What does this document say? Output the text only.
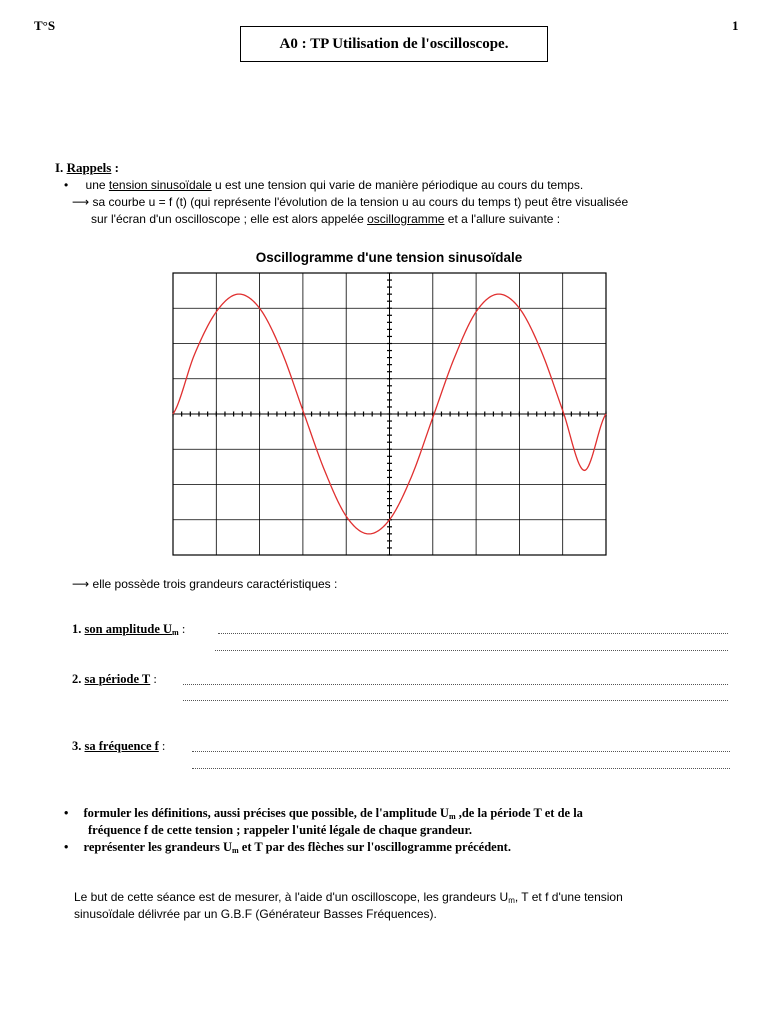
T°S	1
A0 : TP Utilisation de l'oscilloscope.
I. Rappels :
• une tension sinusoïdale u est une tension qui varie de manière périodique au cours du temps.
⟶ sa courbe u = f (t) (qui représente l'évolution de la tension u au cours du temps t) peut être visualisée
sur l'écran d'un oscilloscope ; elle est alors appelée oscillogramme et a l'allure suivante :
Oscillogramme d'une tension sinusoïdale
⟶ elle possède trois grandeurs caractéristiques :
1. son amplitude $U_m$ :
2. sa période T :
3. sa fréquence f :
• formuler les définitions, aussi précises que possible, de l'amplitude $U_m$ ,de la période T et de la
fréquence f de cette tension ; rappeler l'unité légale de chaque grandeur.
• représenter les grandeurs $U_m$ et T par des flèches sur l'oscillogramme précédent.
Le but de cette séance est de mesurer, à l'aide d'un oscilloscope, les grandeurs $U_m$, T et f d'une tension
sinusoïdale délivrée par un G.B.F (Générateur Basses Fréquences).
